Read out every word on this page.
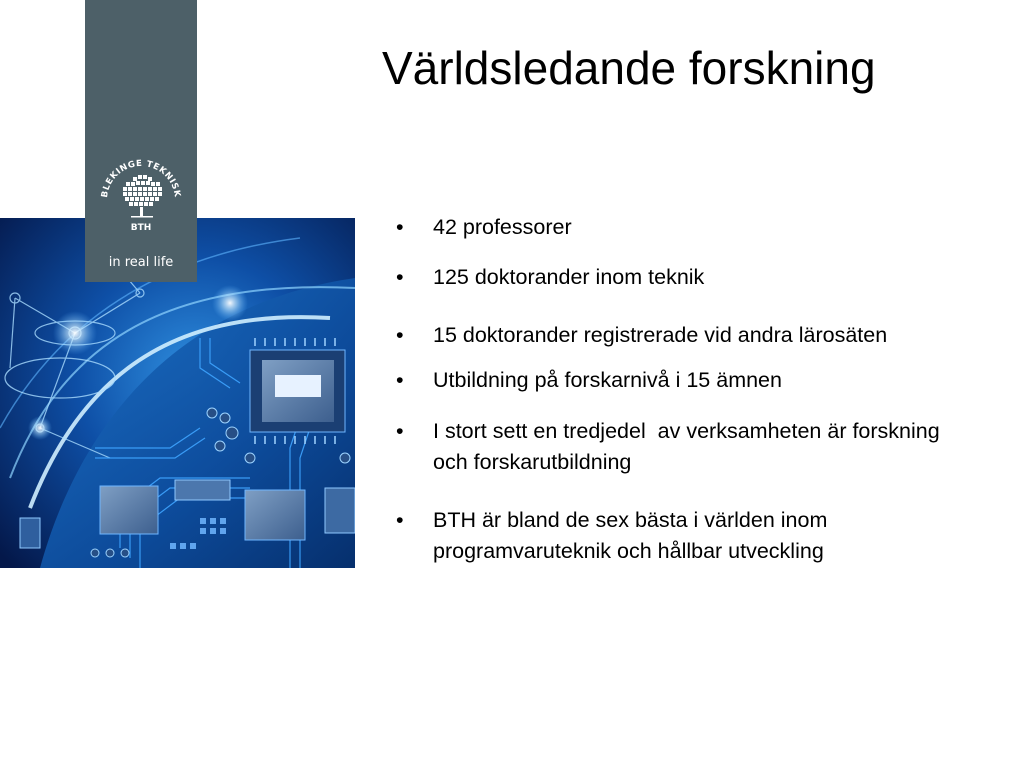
BLEKINGE TEKNISK
BTH
in real life
Världsledande forskning
• 42 professorer
• 125 doktorander inom teknik
• 15 doktorander registrerade vid andra lärosäten
• Utbildning på forskarnivå i 15 ämnen
• I stort sett en tredjedel  av verksamheten är forskning och forskarutbildning
• BTH är bland de sex bästa i världen inom programvaruteknik och hållbar utveckling
